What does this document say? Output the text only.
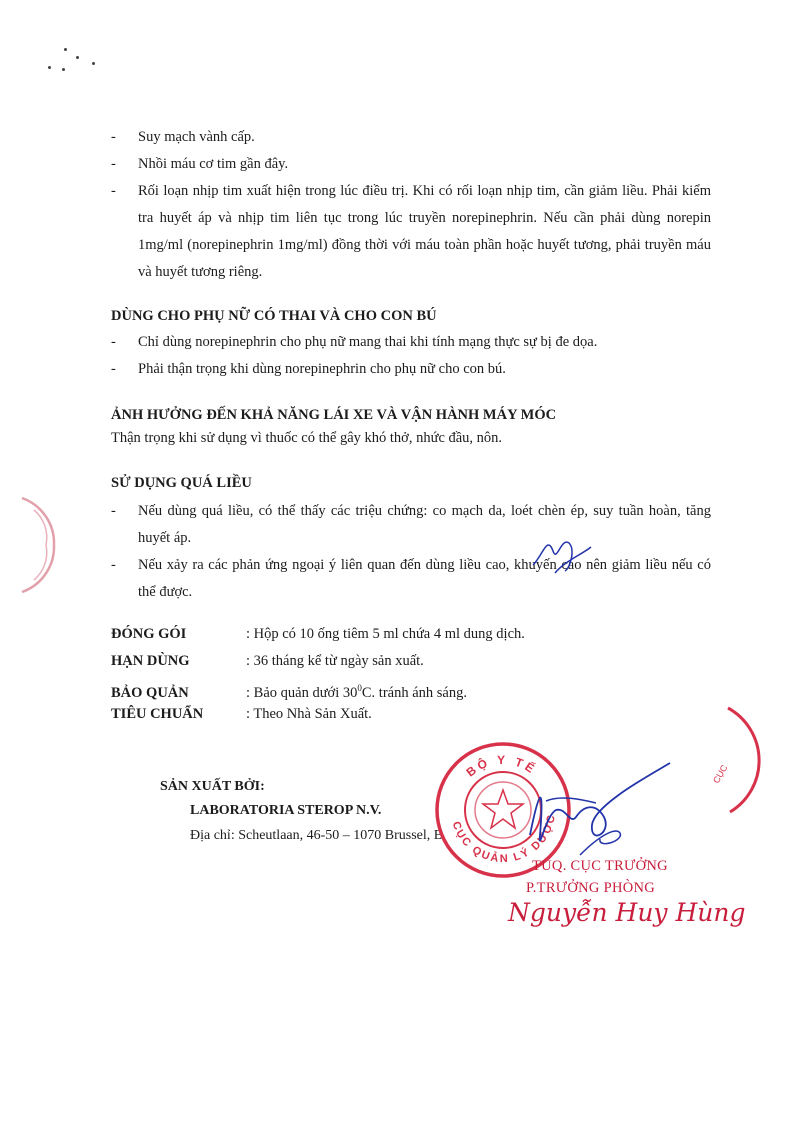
- Suy mạch vành cấp.
- Nhồi máu cơ tim gần đây.
- Rối loạn nhịp tim xuất hiện trong lúc điều trị. Khi có rối loạn nhịp tim, cần giảm liều. Phải kiểm tra huyết áp và nhịp tim liên tục trong lúc truyền norepinephrin. Nếu cần phải dùng norepin 1mg/ml (norepinephrin 1mg/ml) đồng thời với máu toàn phần hoặc huyết tương, phải truyền máu và huyết tương riêng.
DÙNG CHO PHỤ NỮ CÓ THAI VÀ CHO CON BÚ
- Chỉ dùng norepinephrin cho phụ nữ mang thai khi tính mạng thực sự bị đe dọa.
- Phải thận trọng khi dùng norepinephrin cho phụ nữ cho con bú.
ẢNH HƯỞNG ĐẾN KHẢ NĂNG LÁI XE VÀ VẬN HÀNH MÁY MÓC
Thận trọng khi sử dụng vì thuốc có thể gây khó thở, nhức đầu, nôn.
SỬ DỤNG QUÁ LIỀU
- Nếu dùng quá liều, có thể thấy các triệu chứng: co mạch da, loét chèn ép, suy tuần hoàn, tăng huyết áp.
- Nếu xảy ra các phản ứng ngoại ý liên quan đến dùng liều cao, khuyến cáo nên giảm liều nếu có thể được.
ĐÓNG GÓI	: Hộp có 10 ống tiêm 5 ml chứa 4 ml dung dịch.
HẠN DÙNG	: 36 tháng kể từ ngày sản xuất.
BẢO QUẢN	: Bảo quản dưới $30^0C$. tránh ánh sáng.
TIÊU CHUẨN	: Theo Nhà Sản Xuất.
SẢN XUẤT BỞI:
LABORATORIA STEROP N.V.
Địa chỉ: Scheutlaan, 46-50 – 1070 Brussel, B
CỤC
BỘ Y TẾ
CỤC QUẢN LÝ DƯỢC
TUQ. CỤC TRƯỞNG
P.TRƯỞNG PHÒNG
Nguyễn Huy Hùng
